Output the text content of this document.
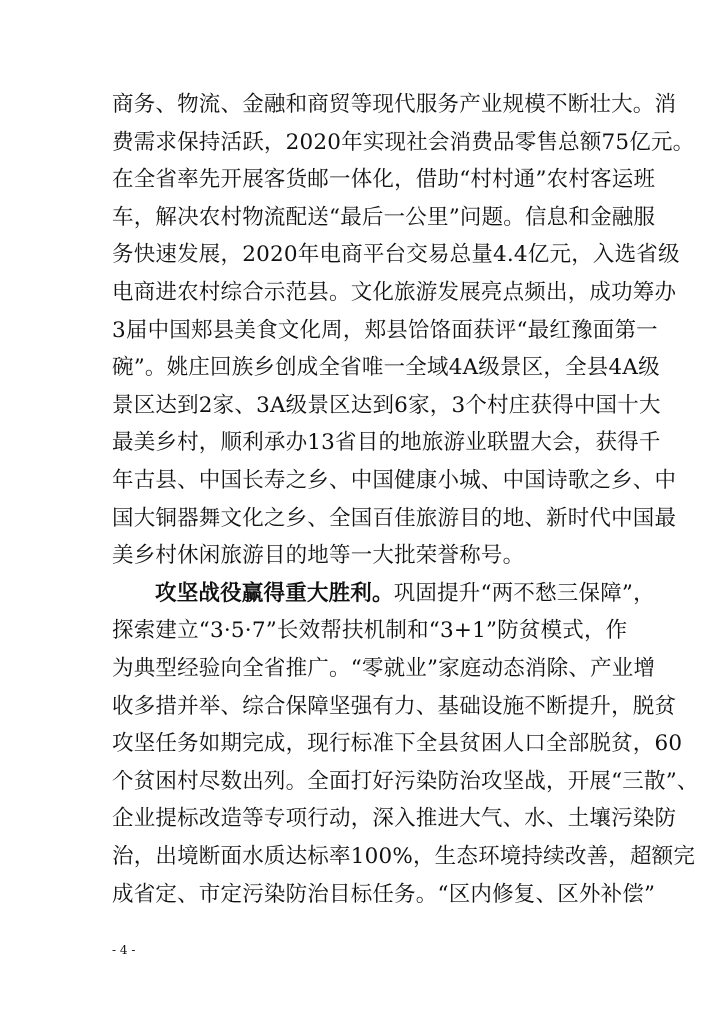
商务、物流、金融和商贸等现代服务产业规模不断壮大。消
费需求保持活跃，2020年实现社会消费品零售总额75亿元。
在全省率先开展客货邮一体化，借助“村村通”农村客运班
车，解决农村物流配送“最后一公里”问题。信息和金融服
务快速发展，2020年电商平台交易总量4.4亿元，入选省级
电商进农村综合示范县。文化旅游发展亮点频出，成功筹办
3届中国郏县美食文化周，郏县饸饹面获评“最红豫面第一
碗”。姚庄回族乡创成全省唯一全域4A级景区，全县4A级
景区达到2家、3A级景区达到6家，3个村庄获得中国十大
最美乡村，顺利承办13省目的地旅游业联盟大会，获得千
年古县、中国长寿之乡、中国健康小城、中国诗歌之乡、中
国大铜器舞文化之乡、全国百佳旅游目的地、新时代中国最
美乡村休闲旅游目的地等一大批荣誉称号。
攻坚战役赢得重大胜利。巩固提升“两不愁三保障”，
探索建立“3·5·7”长效帮扶机制和“3+1”防贫模式，作
为典型经验向全省推广。“零就业”家庭动态消除、产业增
收多措并举、综合保障坚强有力、基础设施不断提升，脱贫
攻坚任务如期完成，现行标准下全县贫困人口全部脱贫，60
个贫困村尽数出列。全面打好污染防治攻坚战，开展“三散”、
企业提标改造等专项行动，深入推进大气、水、土壤污染防
治，出境断面水质达标率100%，生态环境持续改善，超额完
成省定、市定污染防治目标任务。“区内修复、区外补偿”
- 4 -
